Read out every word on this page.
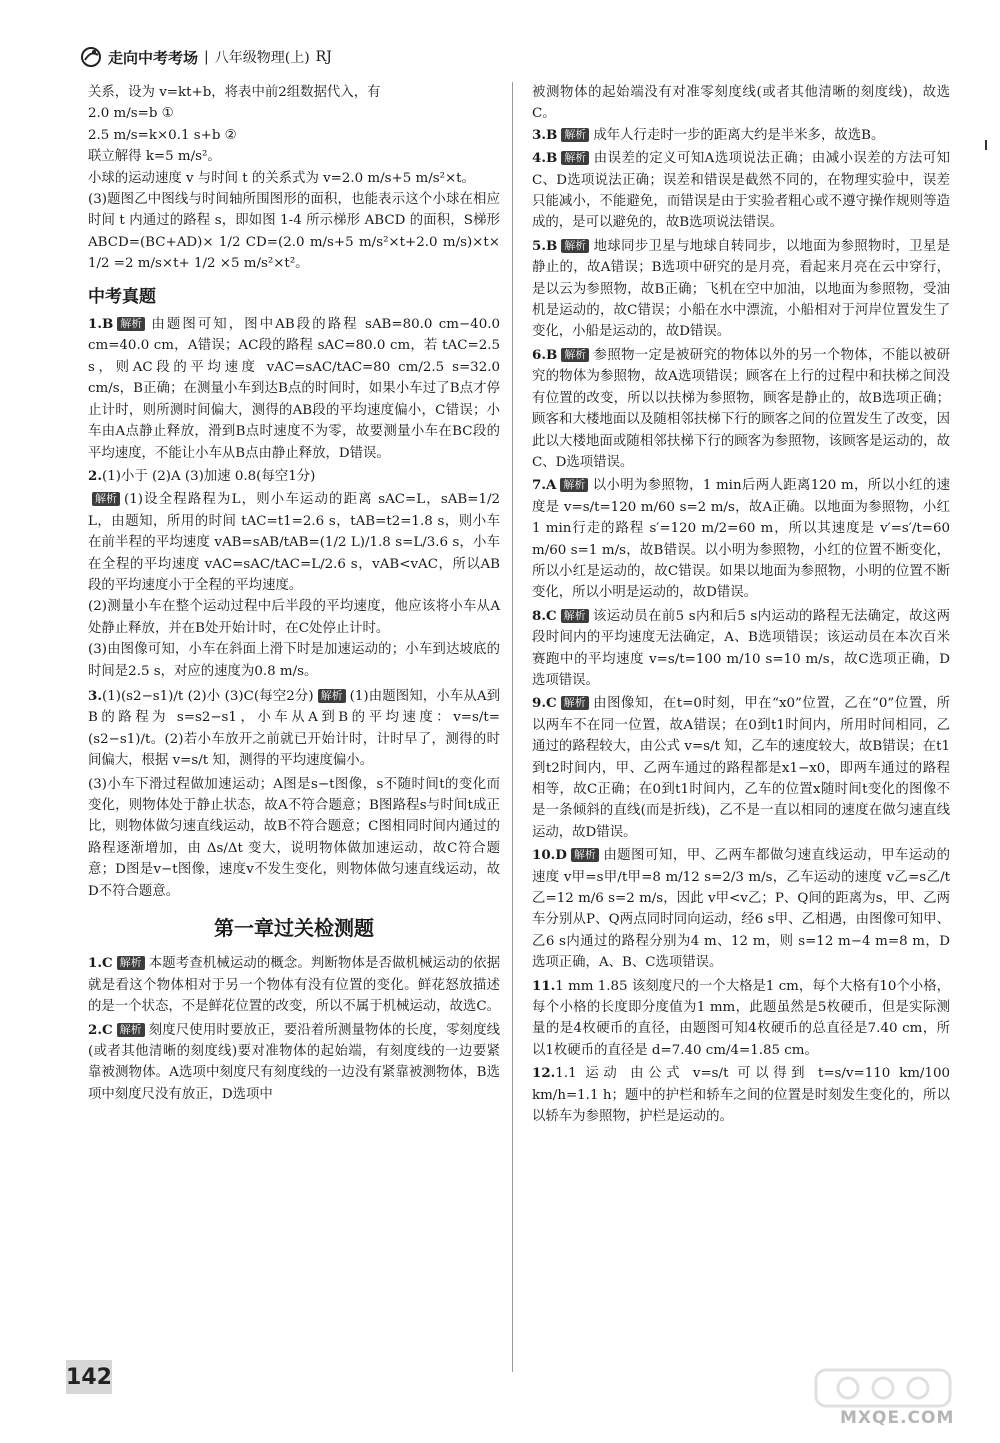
走向中考考场 | 八年级物理(上) RJ

关系，设为 v=kt+b，将表中前2组数据代入，有

2.0 m/s=b ①

2.5 m/s=k×0.1 s+b ②

联立解得 k=5 m/s²。

小球的运动速度 v 与时间 t 的关系式为 v=2.0 m/s+5 m/s²×t。

(3)题图乙中图线与时间轴所围图形的面积，也能表示这个小球在相应时间 t 内通过的路程 s，即如图 1-4 所示梯形 ABCD 的面积，S梯形ABCD=(BC+AD)× 1/2 CD=(2.0 m/s+5 m/s²×t+2.0 m/s)×t× 1/2 =2 m/s×t+ 1/2 ×5 m/s²×t²。

中考真题

1.B 解析 由题图可知，图中AB段的路程 sAB=80.0 cm−40.0 cm=40.0 cm，A错误；AC段的路程 sAC=80.0 cm，若 tAC=2.5 s，则AC段的平均速度 vAC=sAC/tAC=80 cm/2.5 s=32.0 cm/s，B正确；在测量小车到达B点的时间时，如果小车过了B点才停止计时，则所测时间偏大，测得的AB段的平均速度偏小，C错误；小车由A点静止释放，滑到B点时速度不为零，故要测量小车在BC段的平均速度，不能让小车从B点由静止释放，D错误。

2.(1)小于 (2)A (3)加速 0.8(每空1分)

解析 (1)设全程路程为L，则小车运动的距离 sAC=L，sAB=1/2 L，由题知，所用的时间 tAC=t1=2.6 s，tAB=t2=1.8 s，则小车在前半程的平均速度 vAB=sAB/tAB=(1/2 L)/1.8 s=L/3.6 s，小车在全程的平均速度 vAC=sAC/tAC=L/2.6 s，vAB<vAC，所以AB段的平均速度小于全程的平均速度。

(2)测量小车在整个运动过程中后半段的平均速度，他应该将小车从A处静止释放，并在B处开始计时，在C处停止计时。

(3)由图像可知，小车在斜面上滑下时是加速运动的；小车到达坡底的时间是2.5 s，对应的速度为0.8 m/s。

3.(1)(s2−s1)/t (2)小 (3)C(每空2分) 解析 (1)由题图知，小车从A到B的路程为 s=s2−s1，小车从A到B的平均速度：v=s/t=(s2−s1)/t。(2)若小车放开之前就已开始计时，计时早了，测得的时间偏大，根据 v=s/t 知，测得的平均速度偏小。

(3)小车下滑过程做加速运动；A图是s−t图像，s不随时间t的变化而变化，则物体处于静止状态，故A不符合题意；B图路程s与时间t成正比，则物体做匀速直线运动，故B不符合题意；C图相同时间内通过的路程逐渐增加，由 Δs/Δt 变大，说明物体做加速运动，故C符合题意；D图是v−t图像，速度v不发生变化，则物体做匀速直线运动，故D不符合题意。

第一章过关检测题

1.C 解析 本题考查机械运动的概念。判断物体是否做机械运动的依据就是看这个物体相对于另一个物体有没有位置的变化。鲜花怒放描述的是一个状态，不是鲜花位置的改变，所以不属于机械运动，故选C。

2.C 解析 刻度尺使用时要放正，要沿着所测量物体的长度，零刻度线(或者其他清晰的刻度线)要对准物体的起始端，有刻度线的一边要紧靠被测物体。A选项中刻度尺有刻度线的一边没有紧靠被测物体，B选项中刻度尺没有放正，D选项中

被测物体的起始端没有对准零刻度线(或者其他清晰的刻度线)，故选C。

3.B 解析 成年人行走时一步的距离大约是半米多，故选B。

4.B 解析 由误差的定义可知A选项说法正确；由减小误差的方法可知C、D选项说法正确；误差和错误是截然不同的，在物理实验中，误差只能减小，不能避免，而错误是由于实验者粗心或不遵守操作规则等造成的，是可以避免的，故B选项说法错误。

5.B 解析 地球同步卫星与地球自转同步，以地面为参照物时，卫星是静止的，故A错误；B选项中研究的是月亮，看起来月亮在云中穿行，是以云为参照物，故B正确；飞机在空中加油，以地面为参照物，受油机是运动的，故C错误；小船在水中漂流，小船相对于河岸位置发生了变化，小船是运动的，故D错误。

6.B 解析 参照物一定是被研究的物体以外的另一个物体，不能以被研究的物体为参照物，故A选项错误；顾客在上行的过程中和扶梯之间没有位置的改变，所以以扶梯为参照物，顾客是静止的，故B选项正确；顾客和大楼地面以及随相邻扶梯下行的顾客之间的位置发生了改变，因此以大楼地面或随相邻扶梯下行的顾客为参照物，该顾客是运动的，故C、D选项错误。

7.A 解析 以小明为参照物，1 min后两人距离120 m，所以小红的速度是 v=s/t=120 m/60 s=2 m/s，故A正确。以地面为参照物，小红1 min行走的路程 s′=120 m/2=60 m，所以其速度是 v′=s′/t=60 m/60 s=1 m/s，故B错误。以小明为参照物，小红的位置不断变化，所以小红是运动的，故C错误。如果以地面为参照物，小明的位置不断变化，所以小明是运动的，故D错误。

8.C 解析 该运动员在前5 s内和后5 s内运动的路程无法确定，故这两段时间内的平均速度无法确定，A、B选项错误；该运动员在本次百米赛跑中的平均速度 v=s/t=100 m/10 s=10 m/s，故C选项正确，D选项错误。

9.C 解析 由图像知，在t=0时刻，甲在“x0”位置，乙在“0”位置，所以两车不在同一位置，故A错误；在0到t1时间内，所用时间相同，乙通过的路程较大，由公式 v=s/t 知，乙车的速度较大，故B错误；在t1到t2时间内，甲、乙两车通过的路程都是x1−x0，即两车通过的路程相等，故C正确；在0到t1时间内，乙车的位置x随时间t变化的图像不是一条倾斜的直线(而是折线)，乙不是一直以相同的速度在做匀速直线运动，故D错误。

10.D 解析 由题图可知，甲、乙两车都做匀速直线运动，甲车运动的速度 v甲=s甲/t甲=8 m/12 s=2/3 m/s，乙车运动的速度 v乙=s乙/t乙=12 m/6 s=2 m/s，因此 v甲<v乙；P、Q间的距离为s，甲、乙两车分别从P、Q两点同时同向运动，经6 s甲、乙相遇，由图像可知甲、乙6 s内通过的路程分别为4 m、12 m，则 s=12 m−4 m=8 m，D选项正确，A、B、C选项错误。

11.1 mm 1.85 该刻度尺的一个大格是1 cm，每个大格有10个小格，每个小格的长度即分度值为1 mm，此题虽然是5枚硬币，但是实际测量的是4枚硬币的直径，由题图可知4枚硬币的总直径是7.40 cm，所以1枚硬币的直径是 d=7.40 cm/4=1.85 cm。

12.1.1 运动 由公式 v=s/t 可以得到 t=s/v=110 km/100 km/h=1.1 h；题中的护栏和轿车之间的位置是时刻发生变化的，所以以轿车为参照物，护栏是运动的。

142
MXQE.COM
